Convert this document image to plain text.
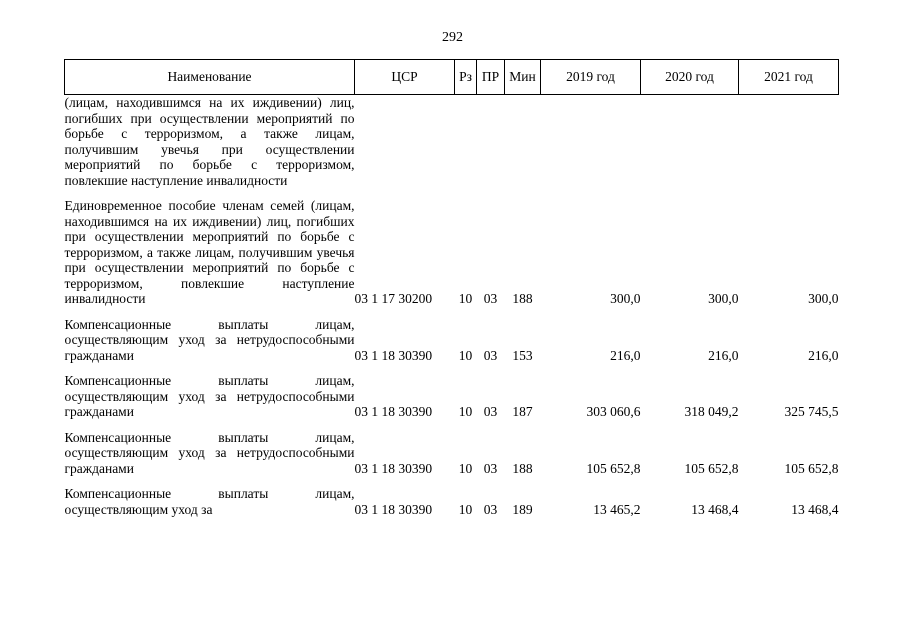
292
Наименование	ЦСР	Рз	ПР	Мин	2019 год	2020 год	2021 год
(лицам, находившимся на их иждивении) лиц, погибших при осуществлении мероприятий по борьбе с терроризмом, а также лицам, получившим увечья при осуществлении мероприятий по борьбе с терроризмом, повлекшие наступление инвалидности							

Единовременное пособие членам семей (лицам, находившимся на их иждивении) лиц, погибших при осуществлении мероприятий по борьбе с терроризмом, а также лицам, получившим увечья при осуществлении мероприятий по борьбе с терроризмом, повлекшие наступление инвалидности	03 1 17 30200	10	03	188	300,0	300,0	300,0

Компенсационные выплаты лицам, осуществляющим уход за нетрудоспособными гражданами	03 1 18 30390	10	03	153	216,0	216,0	216,0

Компенсационные выплаты лицам, осуществляющим уход за нетрудоспособными гражданами	03 1 18 30390	10	03	187	303 060,6	318 049,2	325 745,5

Компенсационные выплаты лицам, осуществляющим уход за нетрудоспособными гражданами	03 1 18 30390	10	03	188	105 652,8	105 652,8	105 652,8

Компенсационные выплаты лицам, осуществляющим уход за	03 1 18 30390	10	03	189	13 465,2	13 468,4	13 468,4
